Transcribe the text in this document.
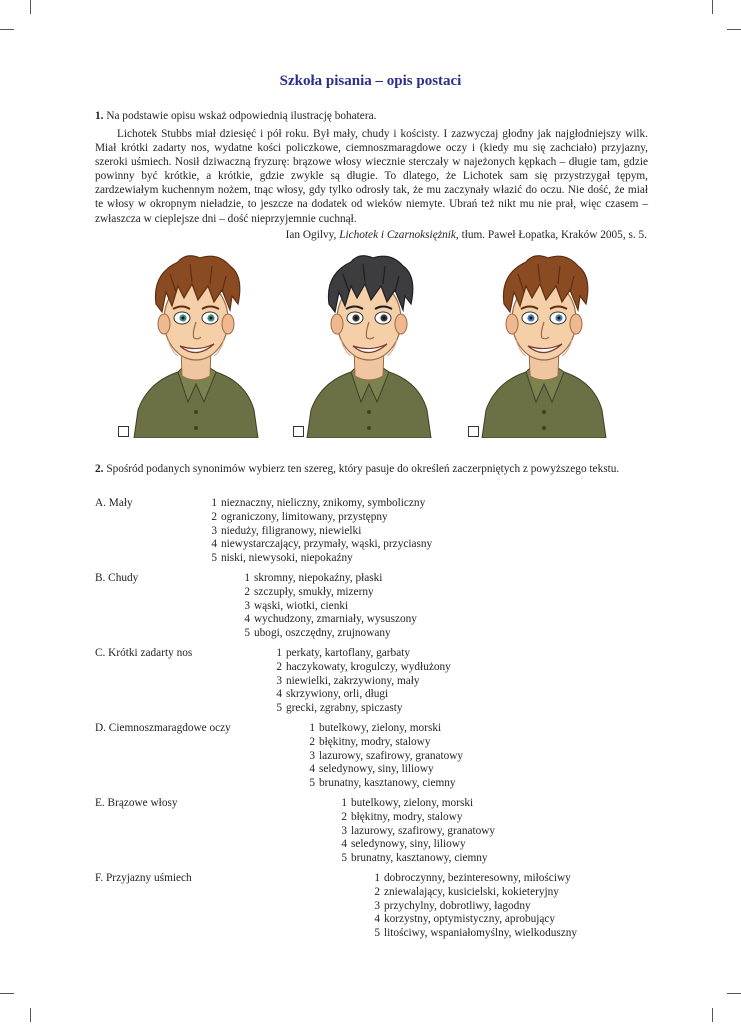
Szkoła pisania – opis postaci
1. Na podstawie opisu wskaż odpowiednią ilustrację bohatera.
Lichotek Stubbs miał dziesięć i pół roku. Był mały, chudy i kościsty. I zazwyczaj głodny jak najgłodniejszy wilk. Miał krótki zadarty nos, wydatne kości policzkowe, ciemnoszmaragdowe oczy i (kiedy mu się zachciało) przyjazny, szeroki uśmiech. Nosił dziwaczną fryzurę: brązowe włosy wiecznie sterczały w najeżonych kępkach – długie tam, gdzie powinny być krótkie, a krótkie, gdzie zwykle są długie. To dlatego, że Lichotek sam się przystrzygał tępym, zardzewiałym kuchennym nożem, tnąc włosy, gdy tylko odrosły tak, że mu zaczynały włazić do oczu. Nie dość, że miał te włosy w okropnym nieładzie, to jeszcze na dodatek od wieków niemyte. Ubrań też nikt mu nie prał, więc czasem – zwłaszcza w cieplejsze dni – dość nieprzyjemnie cuchnął.
Ian Ogilvy, Lichotek i Czarnoksiężnik, tłum. Paweł Łopatka, Kraków 2005, s. 5.
2. Spośród podanych synonimów wybierz ten szereg, który pasuje do określeń zaczerpniętych z powyższego tekstu.
A. Mały	1 nieznaczny, nieliczny, znikomy, symboliczny
2 ograniczony, limitowany, przystępny
3 nieduży, filigranowy, niewielki
4 niewystarczający, przymały, wąski, przyciasny
5 niski, niewysoki, niepokaźny
B. Chudy	1 skromny, niepokaźny, płaski
2 szczupły, smukły, mizerny
3 wąski, wiotki, cienki
4 wychudzony, zmarniały, wysuszony
5 ubogi, oszczędny, zrujnowany
C. Krótki zadarty nos	1 perkaty, kartoflany, garbaty
2 haczykowaty, krogulczy, wydłużony
3 niewielki, zakrzywiony, mały
4 skrzywiony, orli, długi
5 grecki, zgrabny, spiczasty
D. Ciemnoszmaragdowe oczy	1 butelkowy, zielony, morski
2 błękitny, modry, stalowy
3 lazurowy, szafirowy, granatowy
4 seledynowy, siny, liliowy
5 brunatny, kasztanowy, ciemny
E. Brązowe włosy	1 butelkowy, zielony, morski
2 błękitny, modry, stalowy
3 lazurowy, szafirowy, granatowy
4 seledynowy, siny, liliowy
5 brunatny, kasztanowy, ciemny
F. Przyjazny uśmiech	1 dobroczynny, bezinteresowny, miłościwy
2 zniewalający, kusicielski, kokieteryjny
3 przychylny, dobrotliwy, łagodny
4 korzystny, optymistyczny, aprobujący
5 litościwy, wspaniałomyślny, wielkoduszny
